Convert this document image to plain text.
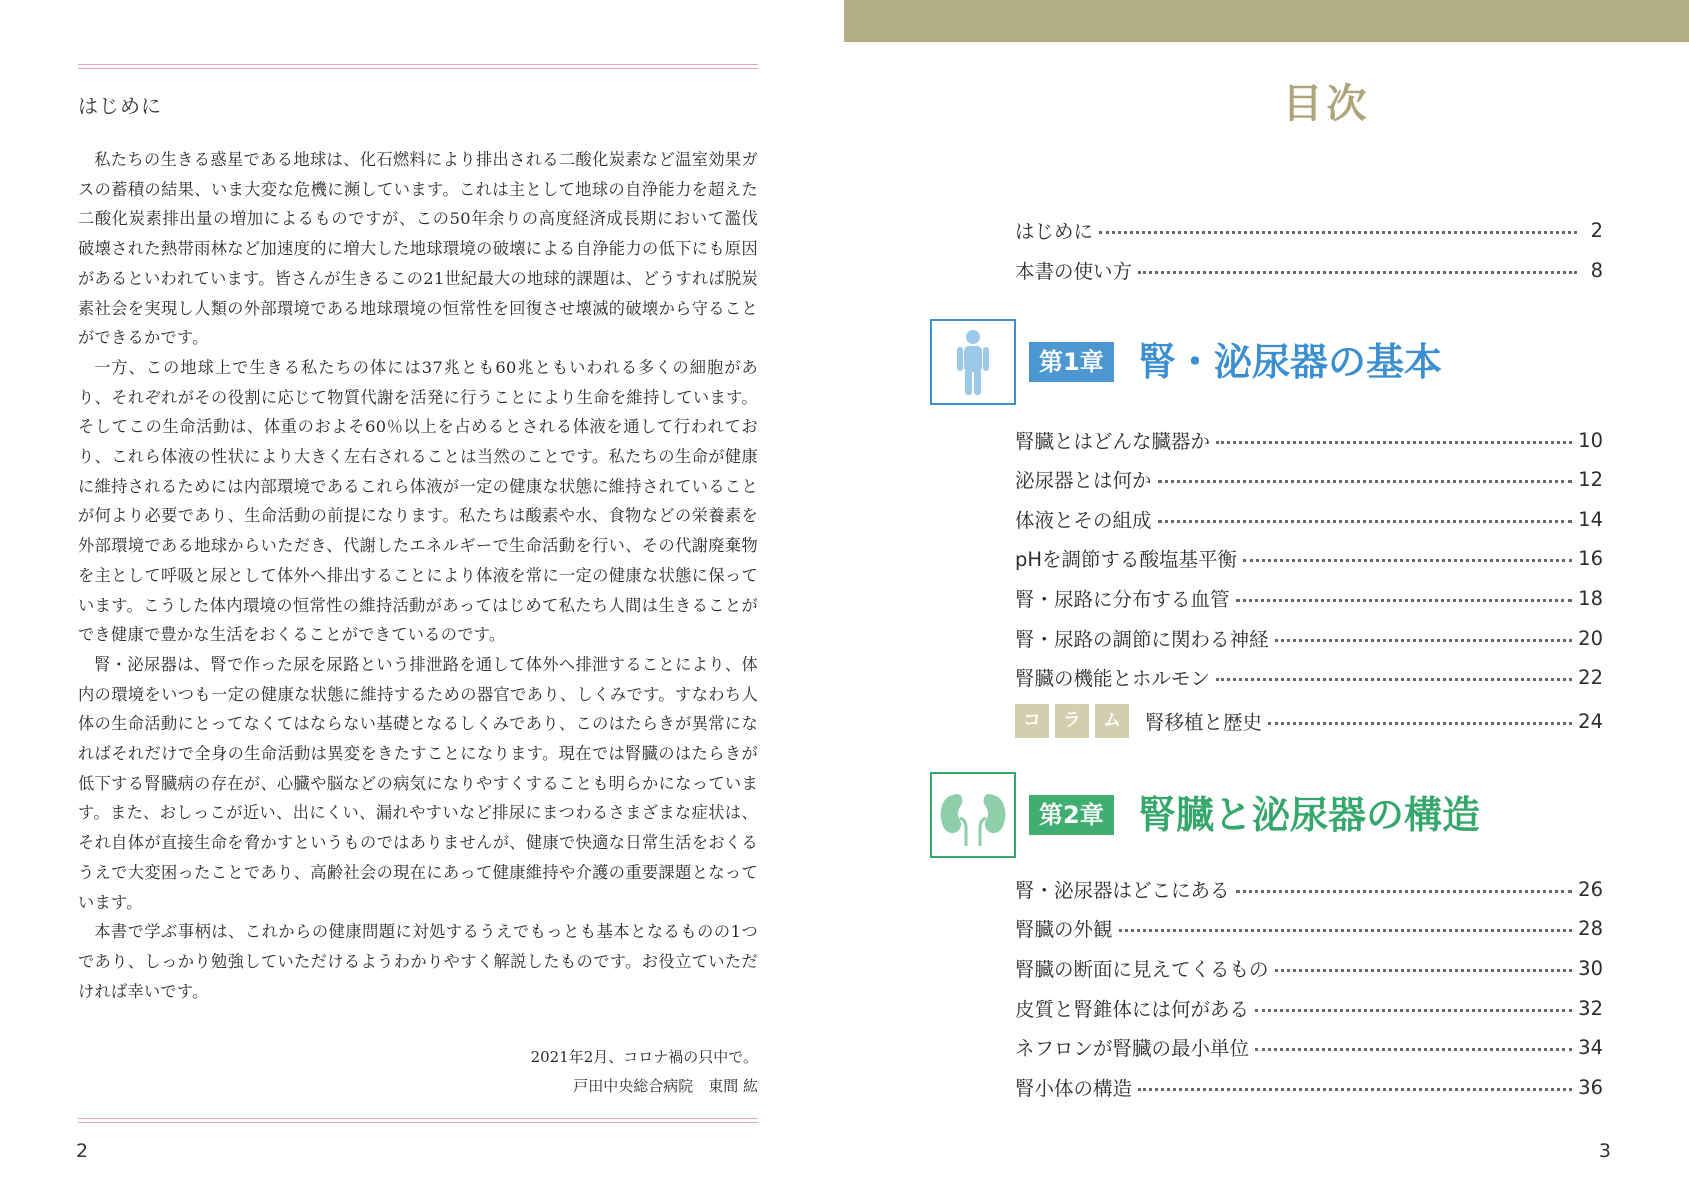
はじめに

私たちの生きる惑星である地球は、化石燃料により排出される二酸化炭素など温室効果ガスの蓄積の結果、いま大変な危機に瀕しています。これは主として地球の自浄能力を超えた二酸化炭素排出量の増加によるものですが、この50年余りの高度経済成長期において濫伐破壊された熱帯雨林など加速度的に増大した地球環境の破壊による自浄能力の低下にも原因があるといわれています。皆さんが生きるこの21世紀最大の地球的課題は、どうすれば脱炭素社会を実現し人類の外部環境である地球環境の恒常性を回復させ壊滅的破壊から守ることができるかです。

一方、この地球上で生きる私たちの体には37兆とも60兆ともいわれる多くの細胞があり、それぞれがその役割に応じて物質代謝を活発に行うことにより生命を維持しています。そしてこの生命活動は、体重のおよそ60％以上を占めるとされる体液を通して行われており、これら体液の性状により大きく左右されることは当然のことです。私たちの生命が健康に維持されるためには内部環境であるこれら体液が一定の健康な状態に維持されていることが何より必要であり、生命活動の前提になります。私たちは酸素や水、食物などの栄養素を外部環境である地球からいただき、代謝したエネルギーで生命活動を行い、その代謝廃棄物を主として呼吸と尿として体外へ排出することにより体液を常に一定の健康な状態に保っています。こうした体内環境の恒常性の維持活動があってはじめて私たち人間は生きることができ健康で豊かな生活をおくることができているのです。

腎・泌尿器は、腎で作った尿を尿路という排泄路を通して体外へ排泄することにより、体内の環境をいつも一定の健康な状態に維持するための器官であり、しくみです。すなわち人体の生命活動にとってなくてはならない基礎となるしくみであり、このはたらきが異常になればそれだけで全身の生命活動は異変をきたすことになります。現在では腎臓のはたらきが低下する腎臓病の存在が、心臓や脳などの病気になりやすくすることも明らかになっています。また、おしっこが近い、出にくい、漏れやすいなど排尿にまつわるさまざまな症状は、それ自体が直接生命を脅かすというものではありませんが、健康で快適な日常生活をおくるうえで大変困ったことであり、高齢社会の現在にあって健康維持や介護の重要課題となっています。

本書で学ぶ事柄は、これからの健康問題に対処するうえでもっとも基本となるものの1つであり、しっかり勉強していただけるようわかりやすく解説したものです。お役立ていただければ幸いです。

2021年2月、コロナ禍の只中で。
戸田中央総合病院　東間 紘
2
目次
はじめに	2
本書の使い方	8
第1章 腎・泌尿器の基本
腎臓とはどんな臓器か	10
泌尿器とは何か	12
体液とその組成	14
pHを調節する酸塩基平衡	16
腎・尿路に分布する血管	18
腎・尿路の調節に関わる神経	20
腎臓の機能とホルモン	22
コ	ラ	ム	腎移植と歴史	24
第2章 腎臓と泌尿器の構造
腎・泌尿器はどこにある	26
腎臓の外観	28
腎臓の断面に見えてくるもの	30
皮質と腎錐体には何がある	32
ネフロンが腎臓の最小単位	34
腎小体の構造	36
3
